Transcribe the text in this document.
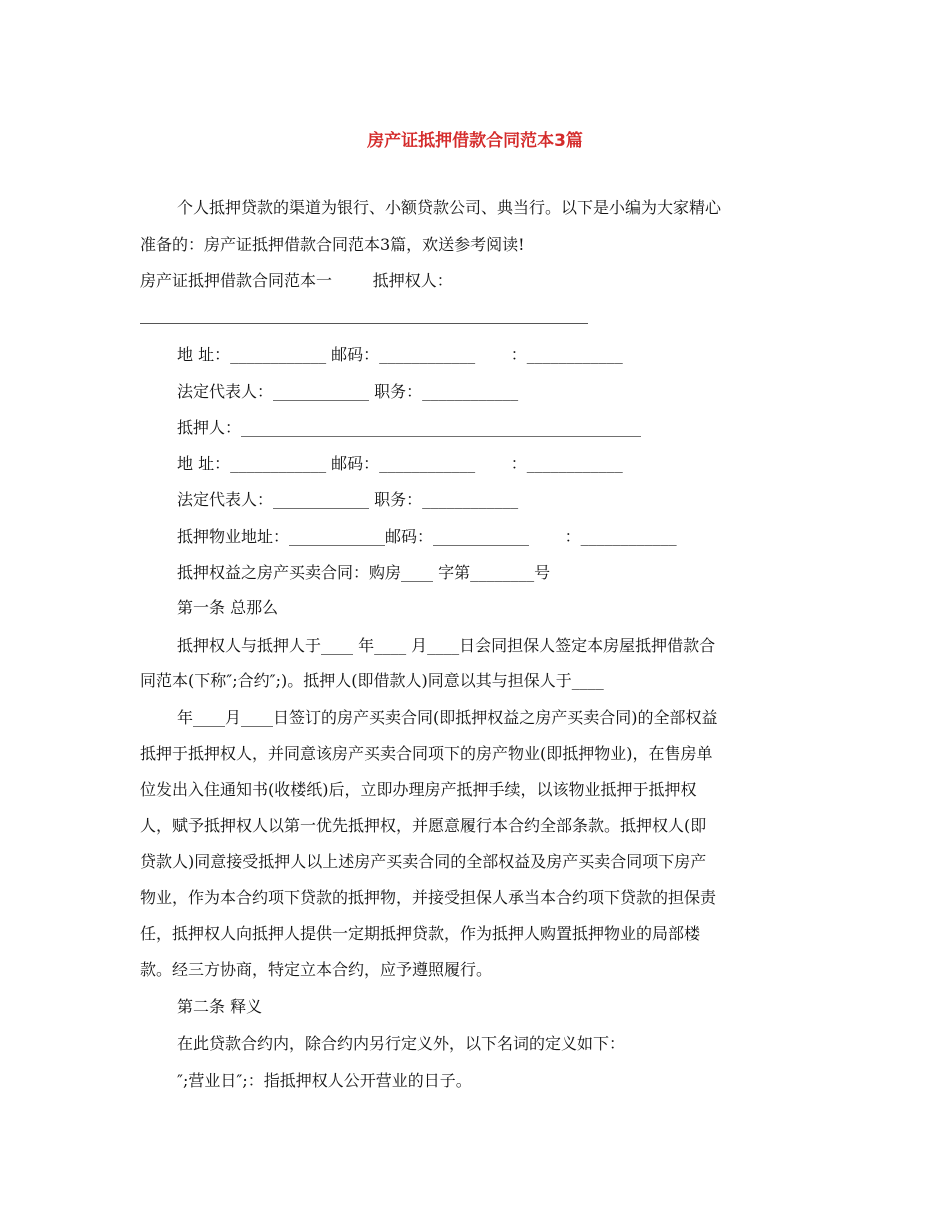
房产证抵押借款合同范本3篇
个人抵押贷款的渠道为银行、小额贷款公司、典当行。以下是小编为大家精心
准备的：房产证抵押借款合同范本3篇，欢送参考阅读!
房产证抵押借款合同范本一        抵押权人：
地 址：____________ 邮码：____________       ：____________
法定代表人：____________ 职务：____________
抵押人：__________________________________________________
地 址：____________ 邮码：____________       ：____________
法定代表人：____________ 职务：____________
抵押物业地址：____________邮码：____________       ：____________
抵押权益之房产买卖合同：购房____ 字第________号
第一条 总那么
抵押权人与抵押人于____ 年____ 月____日会同担保人签定本房屋抵押借款合
同范本(下称″;合约″;)。抵押人(即借款人)同意以其与担保人于____
年____月____日签订的房产买卖合同(即抵押权益之房产买卖合同)的全部权益
抵押于抵押权人，并同意该房产买卖合同项下的房产物业(即抵押物业)，在售房单
位发出入住通知书(收楼纸)后，立即办理房产抵押手续，以该物业抵押于抵押权
人，赋予抵押权人以第一优先抵押权，并愿意履行本合约全部条款。抵押权人(即
贷款人)同意接受抵押人以上述房产买卖合同的全部权益及房产买卖合同项下房产
物业，作为本合约项下贷款的抵押物，并接受担保人承当本合约项下贷款的担保责
任，抵押权人向抵押人提供一定期抵押贷款，作为抵押人购置抵押物业的局部楼
款。经三方协商，特定立本合约，应予遵照履行。
第二条 释义
在此贷款合约内，除合约内另行定义外，以下名词的定义如下：
″;营业日″;：指抵押权人公开营业的日子。
